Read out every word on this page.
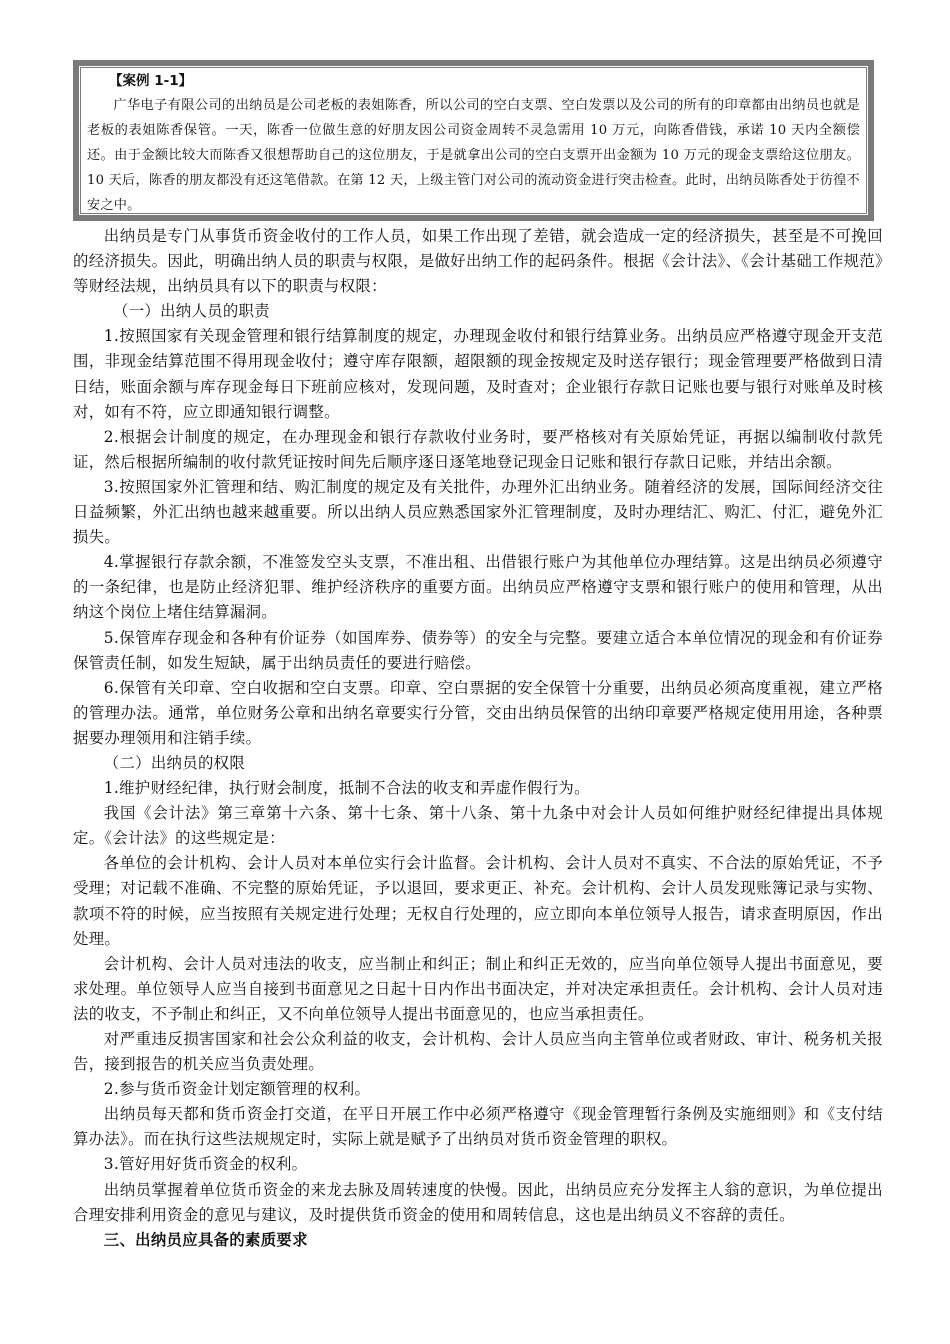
【案例 1-1】
广华电子有限公司的出纳员是公司老板的表姐陈香，所以公司的空白支票、空白发票以及公司的所有的印章都由出纳员也就是老板的表姐陈香保管。一天，陈香一位做生意的好朋友因公司资金周转不灵急需用 10 万元，向陈香借钱，承诺 10 天内全额偿还。由于金额比较大而陈香又很想帮助自己的这位朋友，于是就拿出公司的空白支票开出金额为 10 万元的现金支票给这位朋友。10 天后，陈香的朋友都没有还这笔借款。在第 12 天，上级主管门对公司的流动资金进行突击检查。此时，出纳员陈香处于彷徨不安之中。

出纳员是专门从事货币资金收付的工作人员，如果工作出现了差错，就会造成一定的经济损失，甚至是不可挽回的经济损失。因此，明确出纳人员的职责与权限，是做好出纳工作的起码条件。根据《会计法》、《会计基础工作规范》等财经法规，出纳员具有以下的职责与权限：

（一）出纳人员的职责

1.按照国家有关现金管理和银行结算制度的规定，办理现金收付和银行结算业务。出纳员应严格遵守现金开支范围，非现金结算范围不得用现金收付；遵守库存限额，超限额的现金按规定及时送存银行；现金管理要严格做到日清日结，账面余额与库存现金每日下班前应核对，发现问题，及时查对；企业银行存款日记账也要与银行对账单及时核对，如有不符，应立即通知银行调整。

2.根据会计制度的规定，在办理现金和银行存款收付业务时，要严格核对有关原始凭证，再据以编制收付款凭证，然后根据所编制的收付款凭证按时间先后顺序逐日逐笔地登记现金日记账和银行存款日记账，并结出余额。

3.按照国家外汇管理和结、购汇制度的规定及有关批件，办理外汇出纳业务。随着经济的发展，国际间经济交往日益频繁，外汇出纳也越来越重要。所以出纳人员应熟悉国家外汇管理制度，及时办理结汇、购汇、付汇，避免外汇损失。

4.掌握银行存款余额，不准签发空头支票，不准出租、出借银行账户为其他单位办理结算。这是出纳员必须遵守的一条纪律，也是防止经济犯罪、维护经济秩序的重要方面。出纳员应严格遵守支票和银行账户的使用和管理，从出纳这个岗位上堵住结算漏洞。

5.保管库存现金和各种有价证券（如国库券、债券等）的安全与完整。要建立适合本单位情况的现金和有价证券保管责任制，如发生短缺，属于出纳员责任的要进行赔偿。

6.保管有关印章、空白收据和空白支票。印章、空白票据的安全保管十分重要，出纳员必须高度重视，建立严格的管理办法。通常，单位财务公章和出纳名章要实行分管，交由出纳员保管的出纳印章要严格规定使用用途，各种票据要办理领用和注销手续。

（二）出纳员的权限

1.维护财经纪律，执行财会制度，抵制不合法的收支和弄虚作假行为。

我国《会计法》第三章第十六条、第十七条、第十八条、第十九条中对会计人员如何维护财经纪律提出具体规定。《会计法》的这些规定是：

各单位的会计机构、会计人员对本单位实行会计监督。会计机构、会计人员对不真实、不合法的原始凭证，不予受理；对记载不准确、不完整的原始凭证，予以退回，要求更正、补充。会计机构、会计人员发现账簿记录与实物、款项不符的时候，应当按照有关规定进行处理；无权自行处理的，应立即向本单位领导人报告，请求查明原因，作出处理。

会计机构、会计人员对违法的收支，应当制止和纠正；制止和纠正无效的，应当向单位领导人提出书面意见，要求处理。单位领导人应当自接到书面意见之日起十日内作出书面决定，并对决定承担责任。会计机构、会计人员对违法的收支，不予制止和纠正，又不向单位领导人提出书面意见的，也应当承担责任。

对严重违反损害国家和社会公众利益的收支，会计机构、会计人员应当向主管单位或者财政、审计、税务机关报告，接到报告的机关应当负责处理。

2.参与货币资金计划定额管理的权利。

出纳员每天都和货币资金打交道，在平日开展工作中必须严格遵守《现金管理暂行条例及实施细则》和《支付结算办法》。而在执行这些法规规定时，实际上就是赋予了出纳员对货币资金管理的职权。

3.管好用好货币资金的权利。

出纳员掌握着单位货币资金的来龙去脉及周转速度的快慢。因此，出纳员应充分发挥主人翁的意识，为单位提出合理安排利用资金的意见与建议，及时提供货币资金的使用和周转信息，这也是出纳员义不容辞的责任。

三、出纳员应具备的素质要求
